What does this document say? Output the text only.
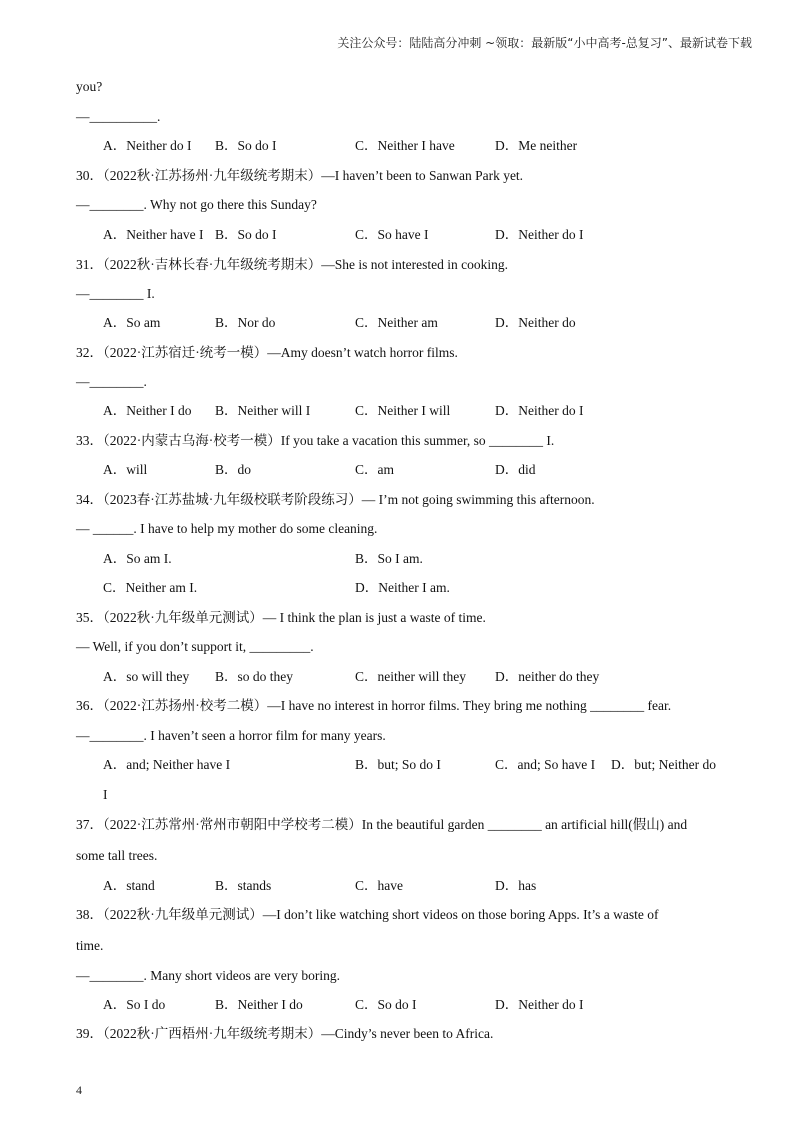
关注公众号：陆陆高分冲刺 ~领取：最新版“小中高考-总复习”、最新试卷下载
you?
—__________.
A．Neither do I B．So do I	C．Neither I have	D．Me neither
30．（2022秋·江苏扬州·九年级统考期末）—I haven’t been to Sanwan Park yet.
—________. Why not go there this Sunday?
A．Neither have I B．So do I	C．So have I	D．Neither do I
31．（2022秋·吉林长春·九年级统考期末）—She is not interested in cooking.
—________ I.
A．So am	B．Nor do	C．Neither am	D．Neither do
32．（2022·江苏宿迁·统考一模）—Amy doesn’t watch horror films.
—________.
A．Neither I do B．Neither will I	C．Neither I will	D．Neither do I
33．（2022·内蒙古乌海·校考一模）If you take a vacation this summer, so ________ I.
A．will	B．do	C．am	D．did
34．（2023春·江苏盐城·九年级校联考阶段练习）— I’m not going swimming this afternoon.
— ______. I have to help my mother do some cleaning.
A．So am I.	B．So I am.
C．Neither am I.	D．Neither I am.
35．（2022秋·九年级单元测试）— I think the plan is just a waste of time.
— Well, if you don’t support it, _________.
A．so will they B．so do they	C．neither will they D．neither do they
36．（2022·江苏扬州·校考二模）—I have no interest in horror films. They bring me nothing ________ fear.
—________. I haven’t seen a horror film for many years.
A．and; Neither have I	B．but; So do I	C．and; So have I D．but; Neither do
I
37．（2022·江苏常州·常州市朝阳中学校考二模）In the beautiful garden ________ an artificial hill(假山) and
some tall trees.
A．stand	B．stands	C．have	D．has
38．（2022秋·九年级单元测试）—I don’t like watching short videos on those boring Apps. It’s a waste of
time.
—________. Many short videos are very boring.
A．So I do	B．Neither I do	C．So do I	D．Neither do I
39．（2022秋·广西梧州·九年级统考期末）—Cindy’s never been to Africa.
4
